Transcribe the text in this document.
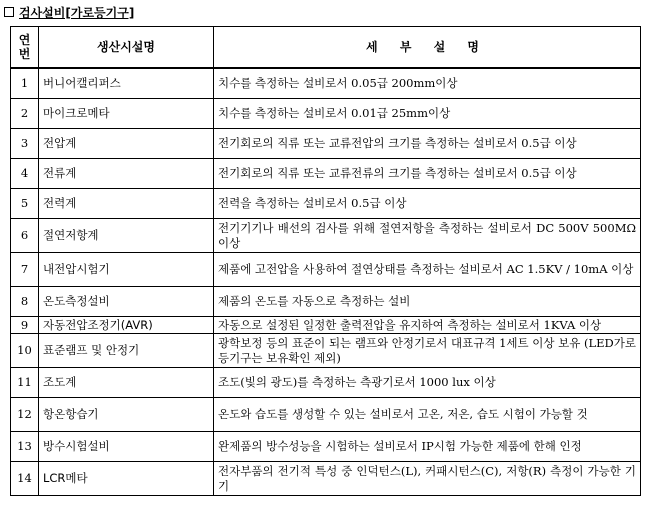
검사설비[가로등기구]
연번	생산시설명	세 부 설 명
1	버니어캘리퍼스	치수를 측정하는 설비로서 0.05급 200mm이상
2	마이크로메타	치수를 측정하는 설비로서 0.01급 25mm이상
3	전압계	전기회로의 직류 또는 교류전압의 크기를 측정하는 설비로서 0.5급 이상
4	전류계	전기회로의 직류 또는 교류전류의 크기를 측정하는 설비로서 0.5급 이상
5	전력계	전력을 측정하는 설비로서 0.5급 이상
6	절연저항계	전기기기나 배선의 검사를 위해 절연저항을 측정하는 설비로서 DC 500V 500MΩ 이상
7	내전압시험기	제품에 고전압을 사용하여 절연상태를 측정하는 설비로서 AC 1.5KV / 10mA 이상
8	온도측정설비	제품의 온도를 자동으로 측정하는 설비
9	자동전압조정기(AVR)	자동으로 설정된 일정한 출력전압을 유지하여 측정하는 설비로서 1KVA 이상
10	표준램프 및 안정기	광학보정 등의 표준이 되는 램프와 안정기로서 대표규격 1세트 이상 보유 (LED가로등기구는 보유확인 제외)
11	조도계	조도(빛의 광도)를 측정하는 측광기로서 1000 lux 이상
12	항온항습기	온도와 습도를 생성할 수 있는 설비로서 고온, 저온, 습도 시험이 가능할 것
13	방수시험설비	완제품의 방수성능을 시험하는 설비로서 IP시험 가능한 제품에 한해 인정
14	LCR메타	전자부품의 전기적 특성 중 인덕턴스(L), 커패시턴스(C), 저항(R) 측정이 가능한 기기
